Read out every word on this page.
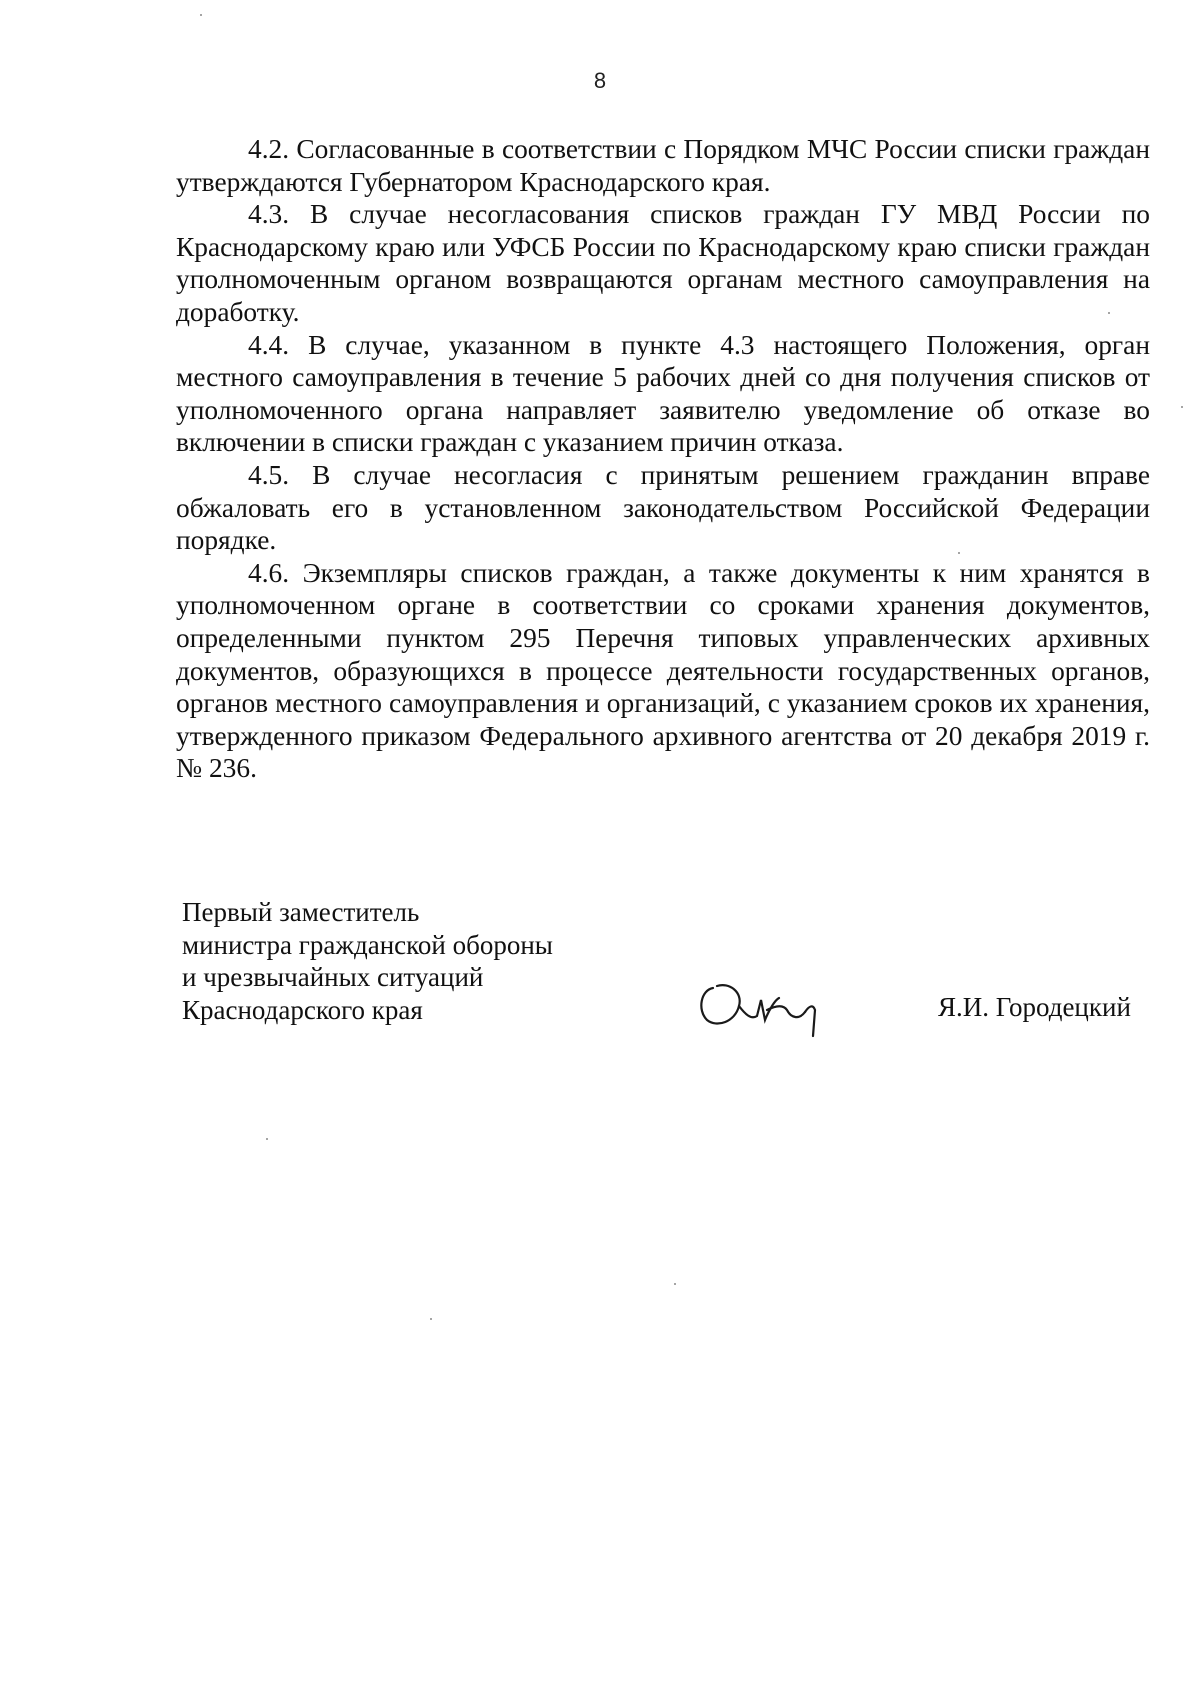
8

4.2. Согласованные в соответствии с Порядком МЧС России списки граждан утверждаются Губернатором Краснодарского края.

4.3. В случае несогласования списков граждан ГУ МВД России по Краснодарскому краю или УФСБ России по Краснодарскому краю списки граждан уполномоченным органом возвращаются органам местного самоуправления на доработку.

4.4. В случае, указанном в пункте 4.3 настоящего Положения, орган местного самоуправления в течение 5 рабочих дней со дня получения списков от уполномоченного органа направляет заявителю уведомление об отказе во включении в списки граждан с указанием причин отказа.

4.5. В случае несогласия с принятым решением гражданин вправе обжаловать его в установленном законодательством Российской Федерации порядке.

4.6. Экземпляры списков граждан, а также документы к ним хранятся в уполномоченном органе в соответствии со сроками хранения документов, определенными пунктом 295 Перечня типовых управленческих архивных документов, образующихся в процессе деятельности государственных органов, органов местного самоуправления и организаций, с указанием сроков их хранения, утвержденного приказом Федерального архивного агентства от 20 декабря 2019 г. № 236.

Первый заместитель
министра гражданской обороны
и чрезвычайных ситуаций
Краснодарского края	Я.И. Городецкий
